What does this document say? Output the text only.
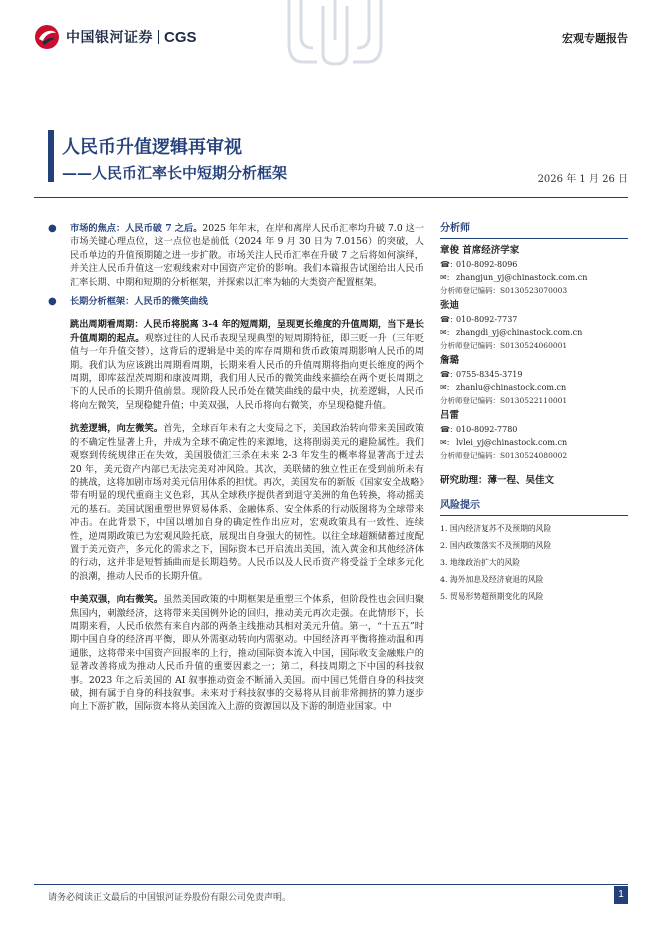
中国银河证券 CGS	宏观专题报告
人民币升值逻辑再审视
——人民币汇率长中短期分析框架	2026 年 1 月 26 日
●	市场的焦点：人民币破 7 之后。2025 年年末，在岸和离岸人民币汇率均升破 7.0 这一市场关键心理点位，这一点位也是前低（2024 年 9 月 30 日为 7.0156）的突破，人民币单边的升值预期随之进一步扩散。市场关注人民币汇率在升破 7 之后将如何演绎，并关注人民币升值这一宏观线索对中国资产定价的影响。我们本篇报告试图给出人民币汇率长期、中期和短期的分析框架，并探索以汇率为轴的大类资产配置框架。

●	长期分析框架：人民币的微笑曲线

跳出周期看周期：人民币将脱离 3-4 年的短周期，呈现更长维度的升值周期，当下是长升值周期的起点。观察过往的人民币表现呈现典型的短周期特征，即三贬一升（三年贬值与一年升值交替），这背后的逻辑是中美的库存周期和货币政策周期影响人民币的周期。我们认为应该跳出周期看周期，长期来看人民币的升值周期将指向更长维度的两个周期，即库兹涅茨周期和康波周期，我们用人民币的微笑曲线来描绘在两个更长周期之下的人民币的长期升值前景。现阶段人民币处在微笑曲线的最中央，抗差逻辑，人民币将向左微笑，呈现稳健升值；中美双强，人民币将向右微笑，亦呈现稳健升值。

抗差逻辑，向左微笑。首先，全球百年未有之大变局之下，美国政治转向带来美国政策的不确定性显著上升，并成为全球不确定性的来源地，这将削弱美元的避险属性。我们观察到传统规律正在失效，美国股债汇三杀在未来 2-3 年发生的概率将显著高于过去 20 年，美元资产内部已无法完美对冲风险。其次，美联储的独立性正在受到前所未有的挑战，这将加剧市场对美元信用体系的担忧。再次，美国发布的新版《国家安全战略》带有明显的现代重商主义色彩，其从全球秩序提供者到退守美洲的角色转换，将动摇美元的基石。美国试图重塑世界贸易体系、金融体系、安全体系的行动版图将为全球带来冲击。在此背景下，中国以增加自身的确定性作出应对，宏观政策具有一致性、连续性，逆周期政策已为宏观风险托底，展现出自身强大的韧性。以往全球超额储蓄过度配置于美元资产，多元化的需求之下，国际资本已开启流出美国，流入黄金和其他经济体的行动，这并非是短暂插曲而是长期趋势。人民币以及人民币资产将受益于全球多元化的浪潮，推动人民币的长期升值。

中美双强，向右微笑。虽然美国政策的中期框架是重塑三个体系，但阶段性也会回归聚焦国内，刺激经济，这将带来美国例外论的回归，推动美元再次走强。在此情形下，长周期来看，人民币依然有来自内部的两条主线推动其相对美元升值。第一，“十五五”时期中国自身的经济再平衡，即从外需驱动转向内需驱动。中国经济再平衡将推动温和再通胀，这将带来中国资产回报率的上行，推动国际资本流入中国，国际收支金融账户的显著改善将成为推动人民币升值的重要因素之一；第二，科技周期之下中国的科技叙事。2023 年之后美国的 AI 叙事推动资金不断涌入美国。而中国已凭借自身的科技突破，拥有属于自身的科技叙事。未来对于科技叙事的交易将从目前非常拥挤的算力逐步向上下游扩散，国际资本将从美国流入上游的资源国以及下游的制造业国家。中

分析师
章俊 首席经济学家
☎: 010-8092-8096
✉: zhangjun_yj@chinastock.com.cn
分析师登记编码：S0130523070003
张迪
☎: 010-8092-7737
✉: zhangdi_yj@chinastock.com.cn
分析师登记编码：S0130524060001
詹璐
☎: 0755-8345-3719
✉: zhanlu@chinastock.com.cn
分析师登记编码：S0130522110001
吕雷
☎: 010-8092-7780
✉: lvlei_yj@chinastock.com.cn
分析师登记编码：S0130524080002
研究助理：薄一程、吴佳文
风险提示
1. 国内经济复苏不及预期的风险
2. 国内政策落实不及预期的风险
3. 地缘政治扩大的风险
4. 海外加息及经济衰退的风险
5. 贸易形势超预期变化的风险
请务必阅读正文最后的中国银河证券股份有限公司免责声明。	1
